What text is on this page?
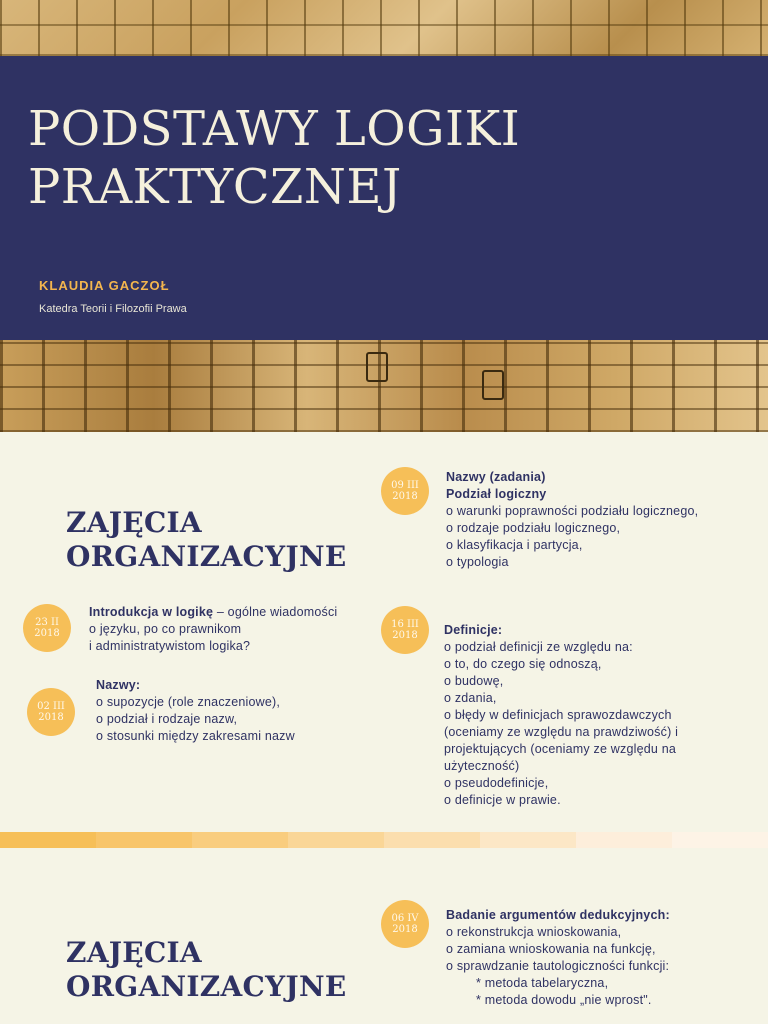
PODSTAWY LOGIKI
PRAKTYCZNEJ
KLAUDIA GACZOŁ
Katedra Teorii i Filozofii Prawa
ZAJĘCIA
ORGANIZACYJNE
23 II
2018
Introdukcja w logikę – ogólne wiadomości
o języku, po co prawnikom
i administratywistom logika?
02 III
2018
Nazwy:
o supozycje (role znaczeniowe),
o podział i rodzaje nazw,
o stosunki między zakresami nazw
09 III
2018
Nazwy (zadania)
Podział logiczny
o warunki poprawności podziału logicznego,
o rodzaje podziału logicznego,
o klasyfikacja i partycja,
o typologia
16 III
2018 Definicje:
o podział definicji ze względu na:
o to, do czego się odnoszą,
o budowę,
o zdania,
o błędy w definicjach sprawozdawczych
(oceniamy ze względu na prawdziwość) i
projektujących (oceniamy ze względu na
użyteczność)
o pseudodefinicje,
o definicje w prawie.
ZAJĘCIA
ORGANIZACYJNE
06 IV
2018
Badanie argumentów dedukcyjnych:
o rekonstrukcja wnioskowania,
o zamiana wnioskowania na funkcję,
o sprawdzanie tautologiczności funkcji:
* metoda tabelaryczna,
* metoda dowodu „nie wprost".
